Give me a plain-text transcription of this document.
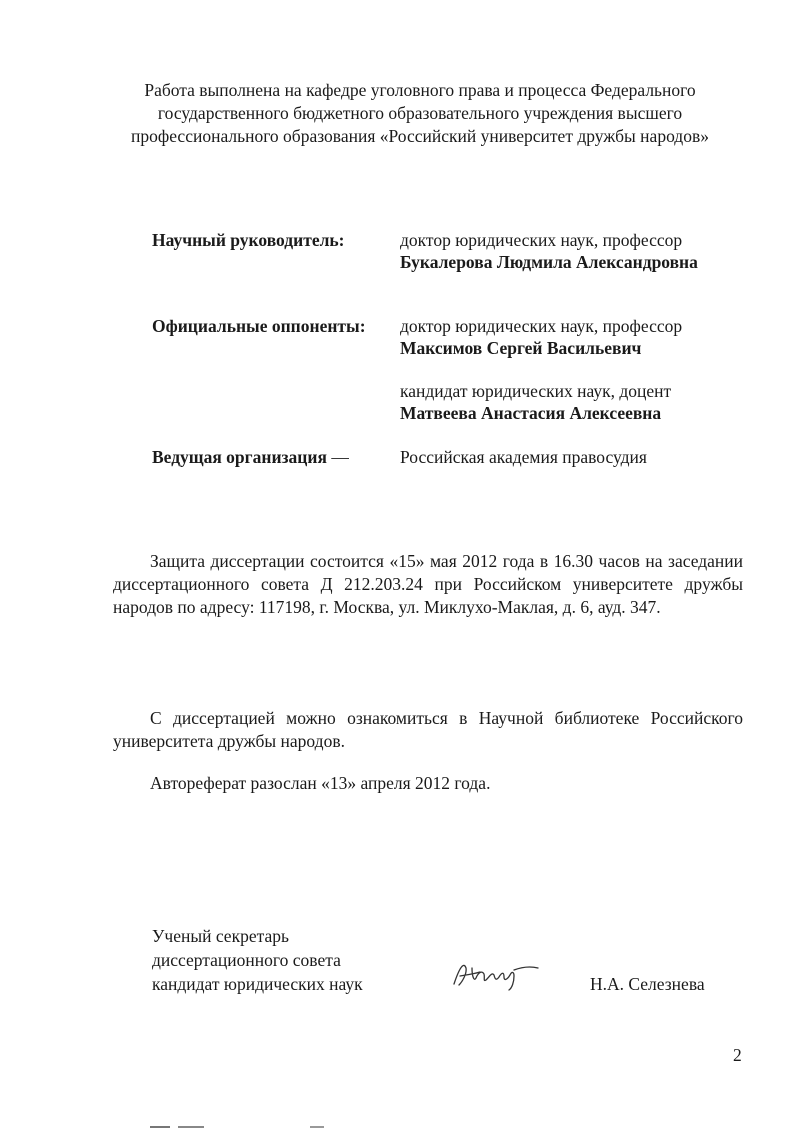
Работа выполнена на кафедре уголовного права и процесса Федерального
государственного бюджетного образовательного учреждения высшего
профессионального образования «Российский университет дружбы народов»
Научный руководитель:	доктор юридических наук, профессор
Букалерова Людмила Александровна
Официальные оппоненты: доктор юридических наук, профессор
Максимов Сергей Васильевич
кандидат юридических наук, доцент
Матвеева Анастасия Алексеевна
Ведущая организация —	Российская академия правосудия
Защита диссертации состоится «15» мая 2012 года в 16.30 часов на заседании диссертационного совета Д 212.203.24 при Российском университете дружбы народов по адресу: 117198, г. Москва, ул. Миклухо-Маклая, д. 6, ауд. 347.
С диссертацией можно ознакомиться в Научной библиотеке Российского университета дружбы народов.
Автореферат разослан «13» апреля 2012 года.
Ученый секретарь
диссертационного совета
кандидат юридических наук	Н.А. Селезнева
2
